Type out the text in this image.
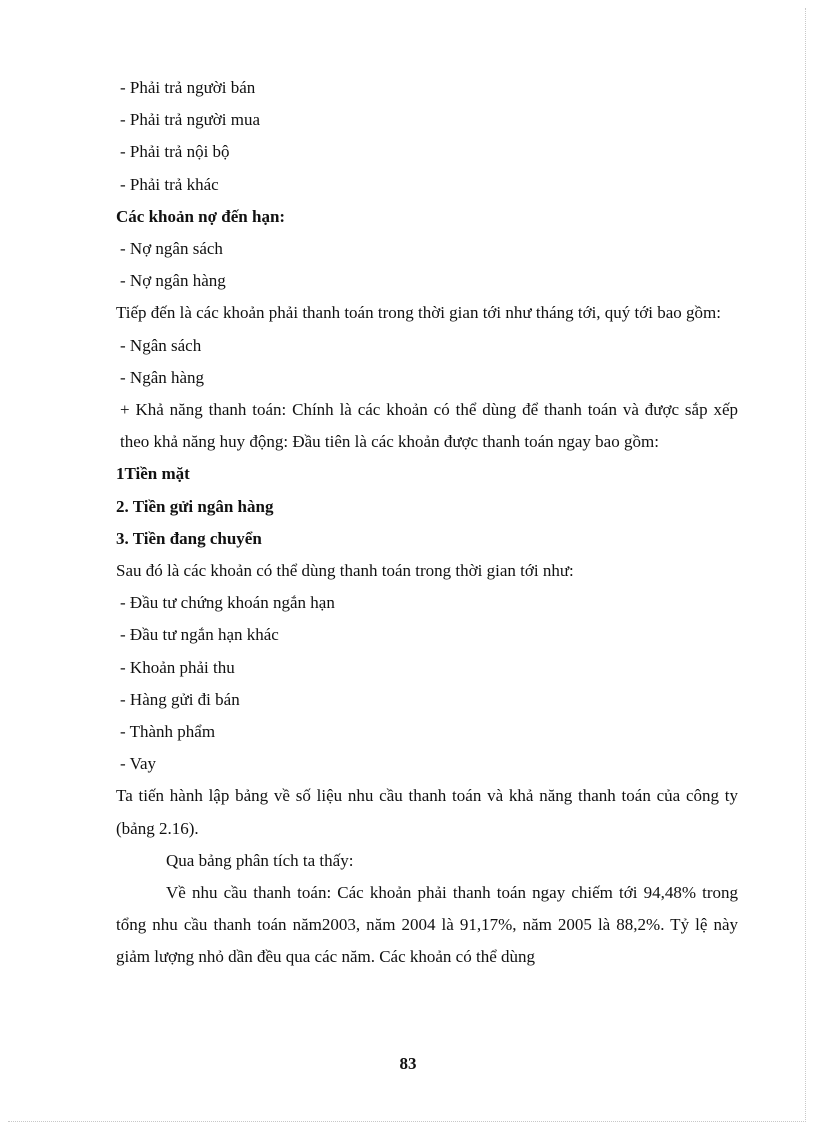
- Phải trả người bán

- Phải trả người mua

- Phải trả nội bộ

- Phải trả khác

Các khoản nợ đến hạn:

- Nợ ngân sách

- Nợ ngân hàng

Tiếp đến là các khoản phải thanh toán trong thời gian tới như tháng tới, quý tới bao gồm:

- Ngân sách

- Ngân hàng

+ Khả năng thanh toán: Chính là các khoản có thể dùng để thanh toán và được sắp xếp theo khả năng huy động: Đầu tiên là các khoản được thanh toán ngay bao gồm:

1Tiền mặt

2. Tiền gửi ngân hàng

3. Tiền đang chuyển

Sau đó là các khoản có thể dùng thanh toán trong thời gian tới như:

- Đầu tư chứng khoán ngắn hạn

- Đầu tư ngắn hạn khác

- Khoản phải thu

- Hàng gửi đi bán

- Thành phẩm

- Vay

Ta tiến hành lập bảng về số liệu nhu cầu thanh toán và khả năng thanh toán của công ty (bảng 2.16).

Qua bảng phân tích ta thấy:

Về nhu cầu thanh toán: Các khoản phải thanh toán ngay chiếm tới 94,48% trong tổng nhu cầu thanh toán năm2003, năm 2004 là 91,17%, năm 2005 là 88,2%. Tỷ lệ này giảm lượng nhỏ dần đều qua các năm. Các khoản có thể dùng

83
